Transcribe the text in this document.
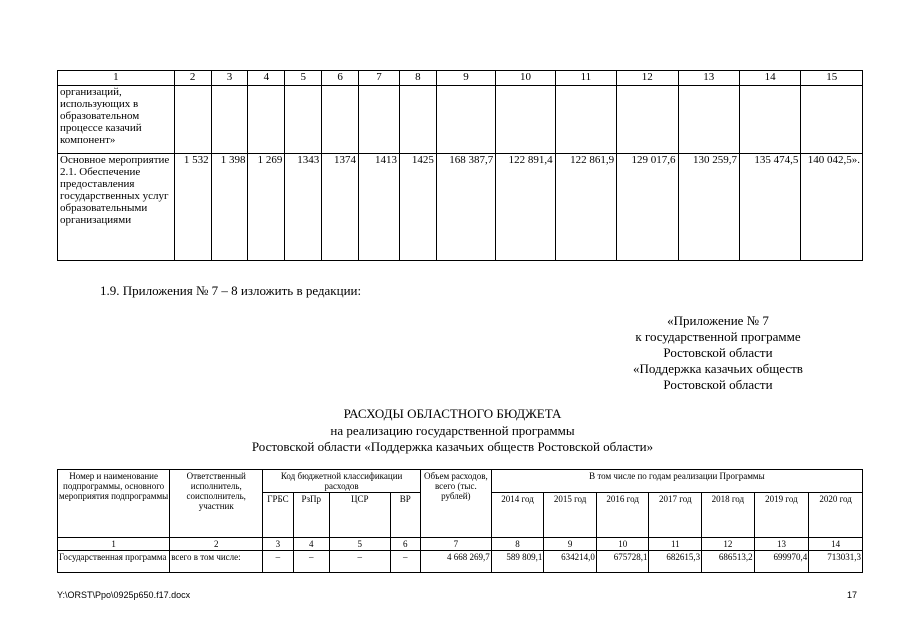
1	2	3	4	5	6	7	8	9	10	11	12	13	14	15
организаций, использующих в образовательном процессе казачий компонент»														
Основное мероприятие 2.1. Обеспечение предоставления государственных услуг образовательными организациями	1 532	1 398	1 269	1343	1374	1413	1425	168 387,7	122 891,4	122 861,9	129 017,6	130 259,7	135 474,5	140 042,5».
1.9. Приложения № 7 – 8 изложить в редакции:
«Приложение № 7
к государственной программе
Ростовской области
«Поддержка казачьих обществ
Ростовской области
РАСХОДЫ ОБЛАСТНОГО БЮДЖЕТА
на реализацию государственной программы
Ростовской области «Поддержка казачьих обществ Ростовской области»
Номер и наименование подпрограммы, основного мероприятия подпрограммы	Ответственный исполнитель, соисполнитель, участник	Код бюджетной классификации расходов				Объем расходов, всего (тыс. рублей)	В том числе по годам реализации Программы						
		ГРБС	РзПр	ЦСР	ВР		2014 год	2015 год	2016 год	2017 год	2018 год	2019 год	2020 год
1	2	3	4	5	6	7	8	9	10	11	12	13	14
Государственная программа	всего в том числе:	–	–	–	–	4 668 269,7	589 809,1	634214,0	675728,1	682615,3	686513,2	699970,4	713031,3
Y:\ORST\Ppo\0925p650.f17.docx	17
